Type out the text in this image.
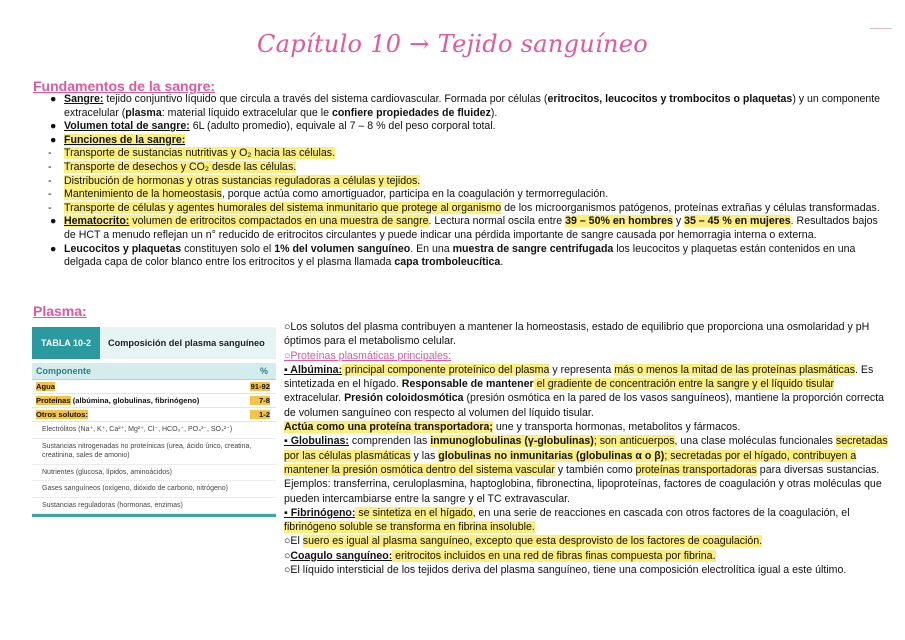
Capítulo 10 → Tejido sanguíneo
Fundamentos de la sangre:
● Sangre: tejido conjuntivo líquido que circula a través del sistema cardiovascular. Formada por células (eritrocitos, leucocitos y trombocitos o plaquetas) y un componente extracelular (plasma: material líquido extracelular que le confiere propiedades de fluidez).
● Volumen total de sangre: 6L (adulto promedio), equivale al 7 – 8 % del peso corporal total.
● Funciones de la sangre:
- Transporte de sustancias nutritivas y O₂ hacia las células.
- Transporte de desechos y CO₂ desde las células.
- Distribución de hormonas y otras sustancias reguladoras a células y tejidos.
- Mantenimiento de la homeostasis, porque actúa como amortiguador, participa en la coagulación y termorregulación.
- Transporte de células y agentes humorales del sistema inmunitario que protege al organismo de los microorganismos patógenos, proteínas extrañas y células transformadas.
● Hematocrito: volumen de eritrocitos compactados en una muestra de sangre. Lectura normal oscila entre 39 – 50% en hombres y 35 – 45 % en mujeres. Resultados bajos de HCT a menudo reflejan un n° reducido de eritrocitos circulantes y puede indicar una pérdida importante de sangre causada por hemorragia interna o externa.
● Leucocitos y plaquetas constituyen solo el 1% del volumen sanguíneo. En una muestra de sangre centrifugada los leucocitos y plaquetas están contenidos en una delgada capa de color blanco entre los eritrocitos y el plasma llamada capa tromboleucítica.
Plasma:
TABLA 10-2	Composición del plasma sanguíneo
Componente	%
Agua	91-92
Proteínas (albúmina, globulinas, fibrinógeno)	7-8
Otros solutos:	1-2
Electrólitos (Na⁺, K⁺, Ca²⁺, Mg²⁺, Cl⁻, HCO₃⁻, PO₄³⁻, SO₄²⁻)
Sustancias nitrogenadas no proteínicas (urea, ácido úrico, creatina, creatinina, sales de amonio)
Nutrientes (glucosa, lípidos, aminoácidos)
Gases sanguíneos (oxígeno, dióxido de carbono, nitrógeno)
Sustancias reguladoras (hormonas, enzimas)

○Los solutos del plasma contribuyen a mantener la homeostasis, estado de equilibrio que proporciona una osmolaridad y pH óptimos para el metabolismo celular.

○Proteínas plasmáticas principales:

▪ Albúmina: principal componente proteínico del plasma y representa más o menos la mitad de las proteínas plasmáticas. Es sintetizada en el hígado. Responsable de mantener el gradiente de concentración entre la sangre y el líquido tisular extracelular. Presión coloidosmótica (presión osmótica en la pared de los vasos sanguíneos), mantiene la proporción correcta de volumen sanguíneo con respecto al volumen del líquido tisular.
Actúa como una proteína transportadora; une y transporta hormonas, metabolitos y fármacos.

▪ Globulinas: comprenden las inmunoglobulinas (γ-globulinas); son anticuerpos, una clase moléculas funcionales secretadas por las células plasmáticas y las globulinas no inmunitarias (globulinas α o β); secretadas por el hígado, contribuyen a mantener la presión osmótica dentro del sistema vascular y también como proteínas transportadoras para diversas sustancias. Ejemplos: transferrina, ceruloplasmina, haptoglobina, fibronectina, lipoproteínas, factores de coagulación y otras moléculas que pueden intercambiarse entre la sangre y el TC extravascular.

▪ Fibrinógeno: se sintetiza en el hígado, en una serie de reacciones en cascada con otros factores de la coagulación, el fibrinógeno soluble se transforma en fibrina insoluble.

○El suero es igual al plasma sanguíneo, excepto que esta desprovisto de los factores de coagulación.

○Coagulo sanguíneo: eritrocitos incluidos en una red de fibras finas compuesta por fibrina.

○El líquido intersticial de los tejidos deriva del plasma sanguíneo, tiene una composición electrolítica igual a este último.
